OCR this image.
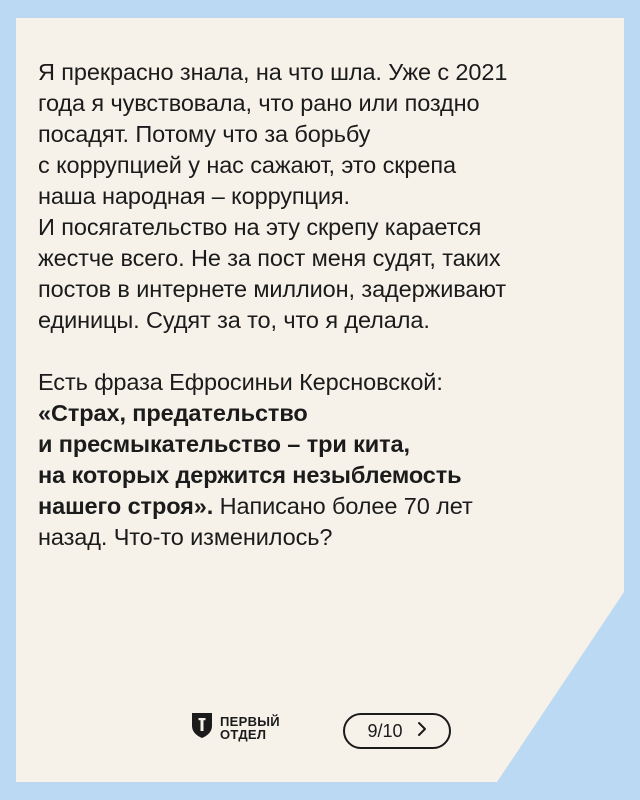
Я прекрасно знала, на что шла. Уже с 2021
года я чувствовала, что рано или поздно
посадят. Потому что за борьбу
с коррупцией у нас сажают, это скрепа
наша народная – коррупция.
И посягательство на эту скрепу карается
жестче всего. Не за пост меня судят, таких
постов в интернете миллион, задерживают
единицы. Судят за то, что я делала.

Есть фраза Ефросиньи Керсновской:
«Страх, предательство
и пресмыкательство – три кита,
на которых держится незыблемость
нашего строя». Написано более 70 лет
назад. Что-то изменилось?

ПЕРВЫЙ
ОТДЕЛ	9/10
